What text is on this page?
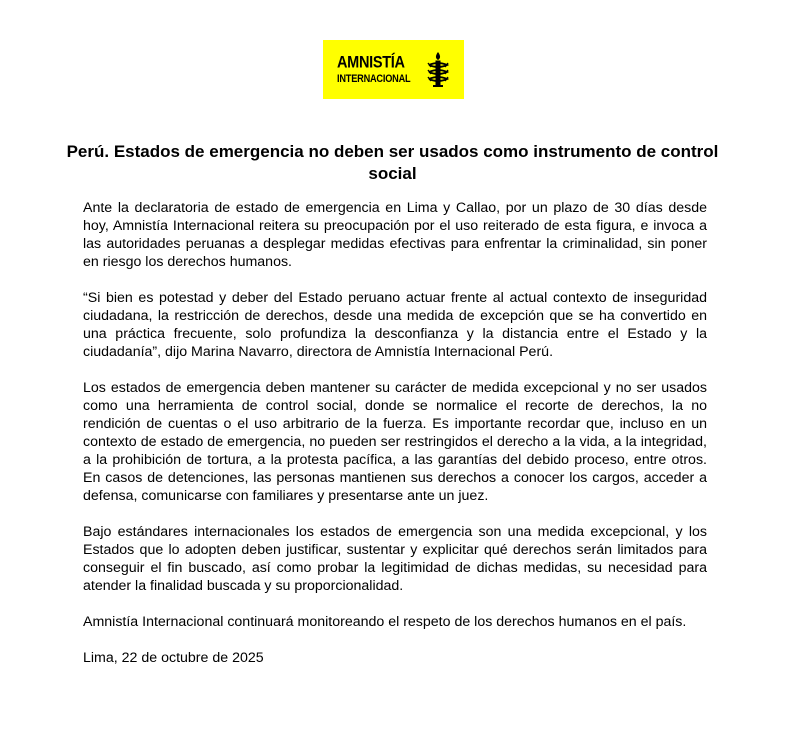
AMNISTÍA
INTERNACIONAL
Perú. Estados de emergencia no deben ser usados como instrumento de control social

Ante la declaratoria de estado de emergencia en Lima y Callao, por un plazo de 30 días desde hoy, Amnistía Internacional reitera su preocupación por el uso reiterado de esta figura, e invoca a las autoridades peruanas a desplegar medidas efectivas para enfrentar la criminalidad, sin poner en riesgo los derechos humanos.

“Si bien es potestad y deber del Estado peruano actuar frente al actual contexto de inseguridad ciudadana, la restricción de derechos, desde una medida de excepción que se ha convertido en una práctica frecuente, solo profundiza la desconfianza y la distancia entre el Estado y la ciudadanía”, dijo Marina Navarro, directora de Amnistía Internacional Perú.

Los estados de emergencia deben mantener su carácter de medida excepcional y no ser usados como una herramienta de control social, donde se normalice el recorte de derechos, la no rendición de cuentas o el uso arbitrario de la fuerza. Es importante recordar que, incluso en un contexto de estado de emergencia, no pueden ser restringidos el derecho a la vida, a la integridad, a la prohibición de tortura, a la protesta pacífica, a las garantías del debido proceso, entre otros. En casos de detenciones, las personas mantienen sus derechos a conocer los cargos, acceder a defensa, comunicarse con familiares y presentarse ante un juez.

Bajo estándares internacionales los estados de emergencia son una medida excepcional, y los Estados que lo adopten deben justificar, sustentar y explicitar qué derechos serán limitados para conseguir el fin buscado, así como probar la legitimidad de dichas medidas, su necesidad para atender la finalidad buscada y su proporcionalidad.

Amnistía Internacional continuará monitoreando el respeto de los derechos humanos en el país.

Lima, 22 de octubre de 2025
